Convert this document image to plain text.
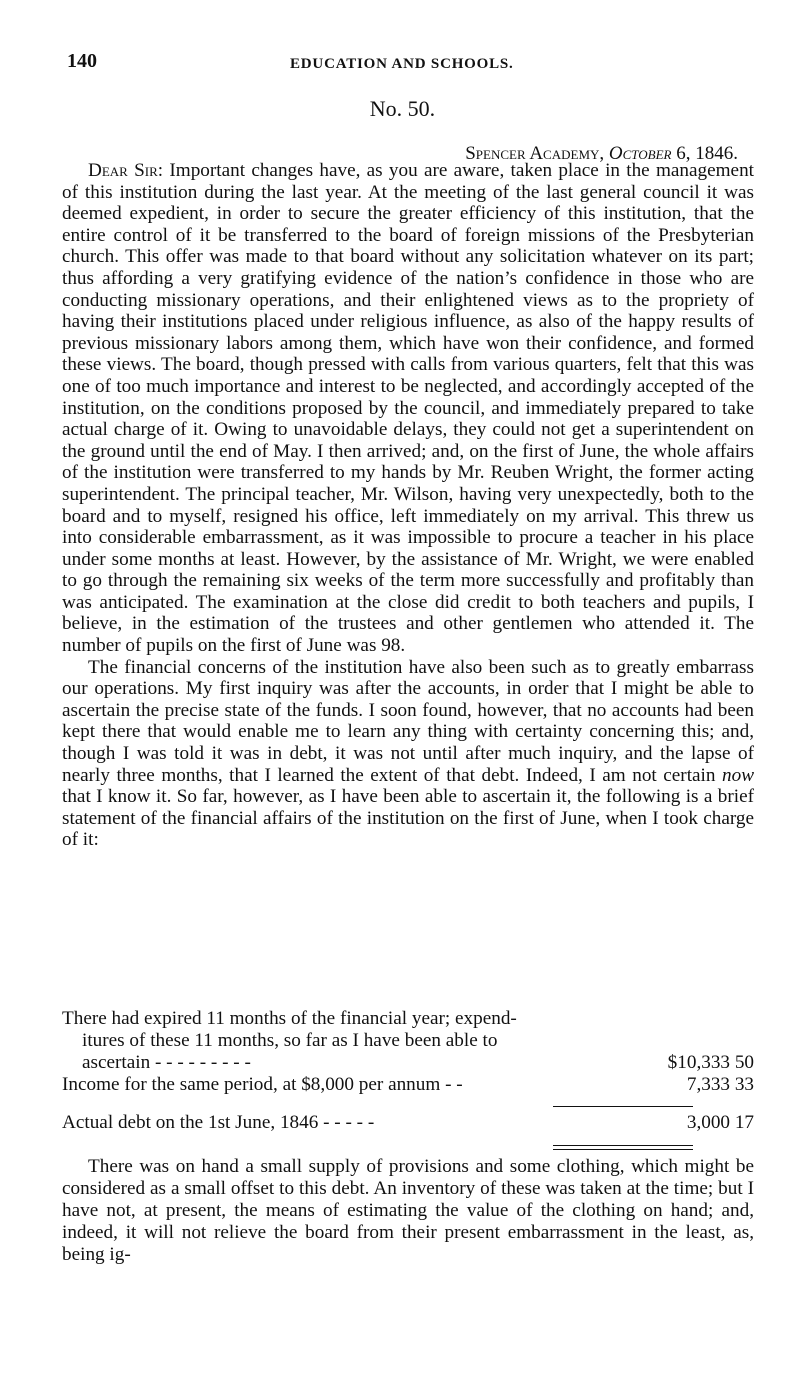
140	EDUCATION AND SCHOOLS.
No. 50.
Spencer Academy, October 6, 1846.

Dear Sir: Important changes have, as you are aware, taken place in the management of this institution during the last year. At the meeting of the last general council it was deemed expedient, in order to secure the greater efficiency of this institution, that the entire control of it be transferred to the board of foreign missions of the Presbyterian church. This offer was made to that board without any solicitation whatever on its part; thus affording a very gratifying evidence of the nation’s confidence in those who are conducting missionary operations, and their enlightened views as to the propriety of having their institutions placed under religious influence, as also of the happy results of previous missionary labors among them, which have won their confidence, and formed these views. The board, though pressed with calls from various quarters, felt that this was one of too much importance and interest to be neglected, and accordingly accepted of the institution, on the conditions proposed by the council, and immediately prepared to take actual charge of it. Owing to unavoidable delays, they could not get a superintendent on the ground until the end of May. I then arrived; and, on the first of June, the whole affairs of the institution were transferred to my hands by Mr. Reuben Wright, the former acting superintendent. The principal teacher, Mr. Wilson, having very unexpectedly, both to the board and to myself, resigned his office, left immediately on my arrival. This threw us into considerable embarrassment, as it was impossible to procure a teacher in his place under some months at least. However, by the assistance of Mr. Wright, we were enabled to go through the remaining six weeks of the term more successfully and profitably than was anticipated. The examination at the close did credit to both teachers and pupils, I believe, in the estimation of the trustees and other gentlemen who attended it. The number of pupils on the first of June was 98.

The financial concerns of the institution have also been such as to greatly embarrass our operations. My first inquiry was after the accounts, in order that I might be able to ascertain the precise state of the funds. I soon found, however, that no accounts had been kept there that would enable me to learn any thing with certainty concerning this; and, though I was told it was in debt, it was not until after much inquiry, and the lapse of nearly three months, that I learned the extent of that debt. Indeed, I am not certain now that I know it. So far, however, as I have been able to ascertain it, the following is a brief statement of the financial affairs of the institution on the first of June, when I took charge of it:

There had expired 11 months of the financial year; expend-
itures of these 11 months, so far as I have been able to
ascertain - - - - - - - - -	$10,333 50
Income for the same period, at $8,000 per annum - -	7,333 33
Actual debt on the 1st June, 1846 - - - - -	3,000 17

There was on hand a small supply of provisions and some clothing, which might be considered as a small offset to this debt. An inventory of these was taken at the time; but I have not, at present, the means of estimating the value of the clothing on hand; and, indeed, it will not relieve the board from their present embarrassment in the least, as, being ig-
